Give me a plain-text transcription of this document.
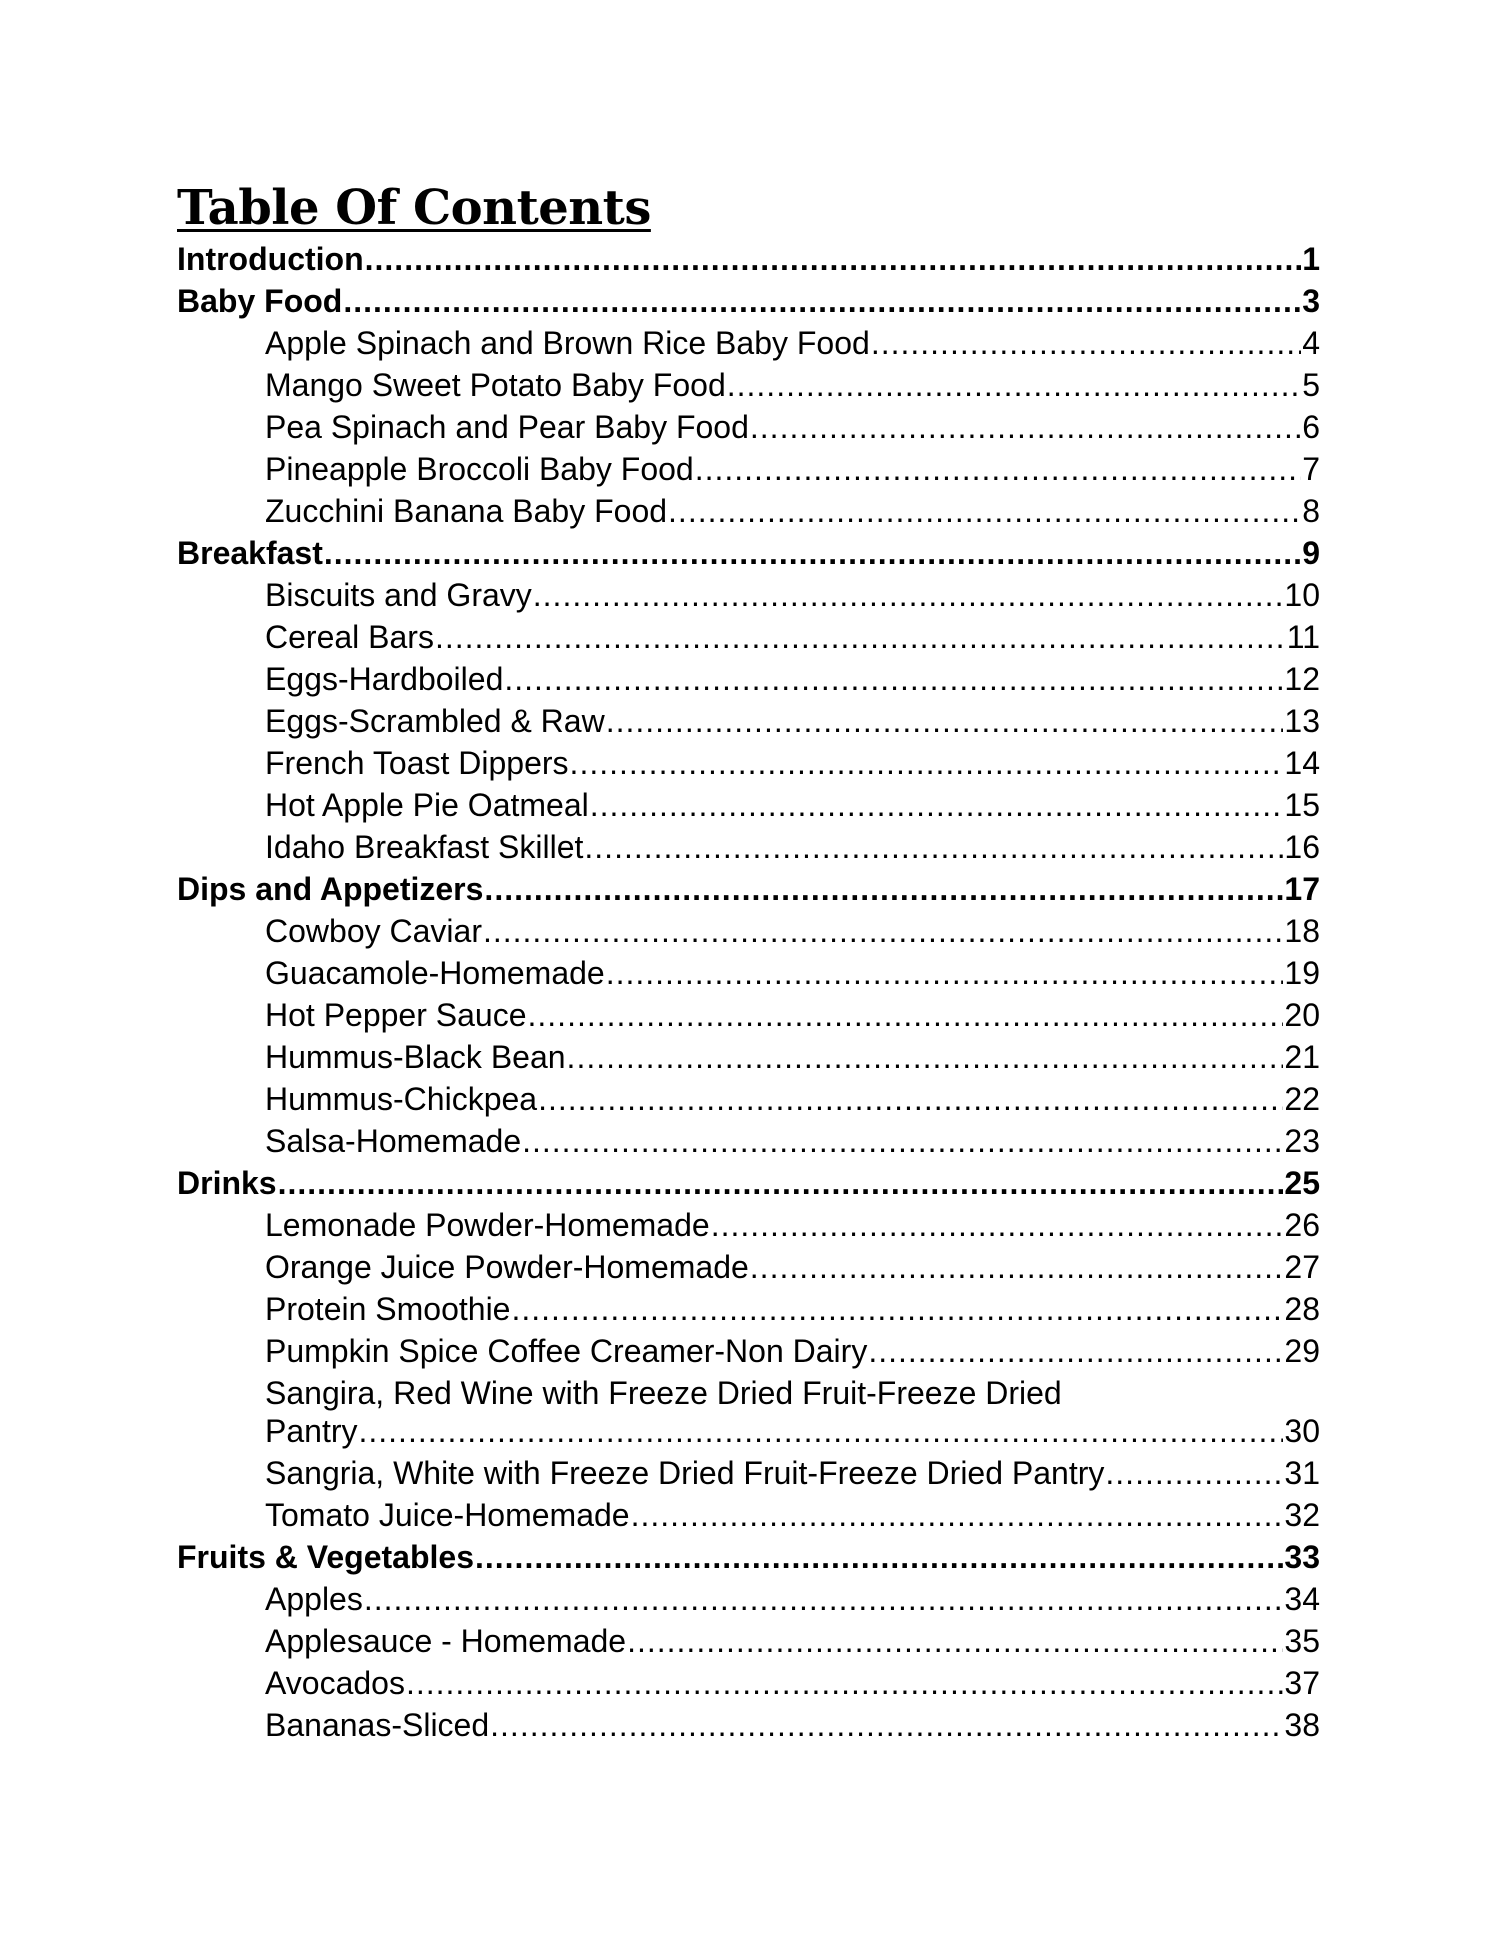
Table Of Contents
Introduction .....	1
Baby Food .....	3
Apple Spinach and Brown Rice Baby Food .....	4
Mango Sweet Potato Baby Food .....	5
Pea Spinach and Pear Baby Food .....	6
Pineapple Broccoli Baby Food .....	7
Zucchini Banana Baby Food .....	8
Breakfast .....	9
Biscuits and Gravy .....	10
Cereal Bars .....	11
Eggs-Hardboiled .....	12
Eggs-Scrambled & Raw .....	13
French Toast Dippers .....	14
Hot Apple Pie Oatmeal .....	15
Idaho Breakfast Skillet .....	16
Dips and Appetizers .....	17
Cowboy Caviar .....	18
Guacamole-Homemade .....	19
Hot Pepper Sauce .....	20
Hummus-Black Bean .....	21
Hummus-Chickpea .....	22
Salsa-Homemade .....	23
Drinks .....	25
Lemonade Powder-Homemade .....	26
Orange Juice Powder-Homemade .....	27
Protein Smoothie .....	28
Pumpkin Spice Coffee Creamer-Non Dairy .....	29
Sangira, Red Wine with Freeze Dried Fruit-Freeze Dried
Pantry .....	30
Sangria, White with Freeze Dried Fruit-Freeze Dried Pantry .....	31
Tomato Juice-Homemade .....	32
Fruits & Vegetables .....	33
Apples .....	34
Applesauce - Homemade .....	35
Avocados .....	37
Bananas-Sliced .....	38
